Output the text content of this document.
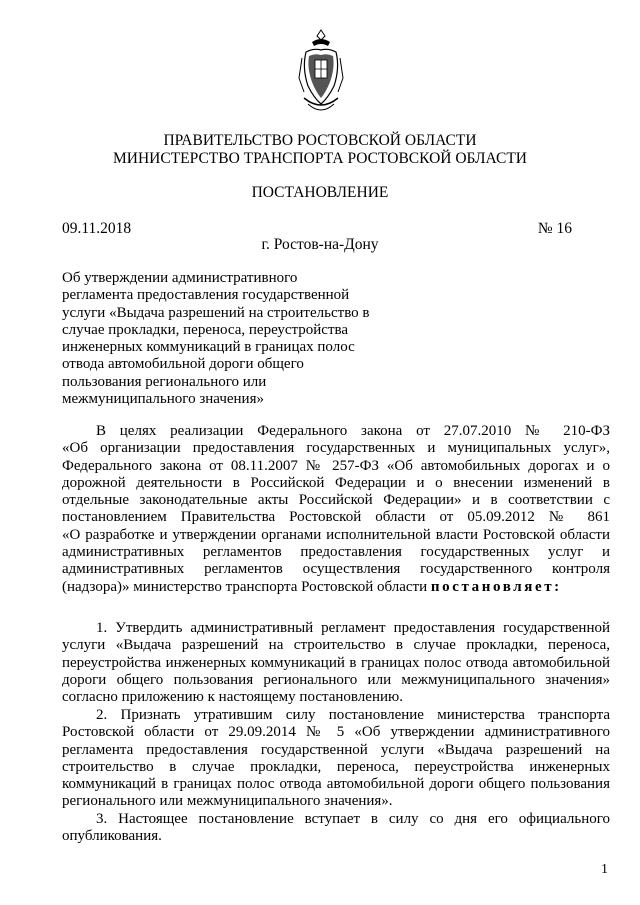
ПРАВИТЕЛЬСТВО РОСТОВСКОЙ ОБЛАСТИ
МИНИСТЕРСТВО ТРАНСПОРТА РОСТОВСКОЙ ОБЛАСТИ
ПОСТАНОВЛЕНИЕ
09.11.2018	№ 16
г. Ростов-на-Дону
Об утверждении административного
регламента предоставления государственной
услуги «Выдача разрешений на строительство в
случае прокладки, переноса, переустройства
инженерных коммуникаций в границах полос
отвода автомобильной дороги общего
пользования регионального или
межмуниципального значения»
В целях реализации Федерального закона от 27.07.2010 № 210-ФЗ
«Об организации предоставления государственных и муниципальных услуг»,
Федерального закона от 08.11.2007 № 257-ФЗ «Об автомобильных дорогах и о
дорожной деятельности в Российской Федерации и о внесении изменений в
отдельные законодательные акты Российской Федерации» и в соответствии с
постановлением Правительства Ростовской области от 05.09.2012 № 861
«О разработке и утверждении органами исполнительной власти Ростовской области
административных регламентов предоставления государственных услуг и
административных регламентов осуществления государственного контроля
(надзора)» министерство транспорта Ростовской области постановляет:
1. Утвердить административный регламент предоставления государственной
услуги «Выдача разрешений на строительство в случае прокладки, переноса,
переустройства инженерных коммуникаций в границах полос отвода автомобильной
дороги общего пользования регионального или межмуниципального значения»
согласно приложению к настоящему постановлению.
2. Признать утратившим силу постановление министерства транспорта
Ростовской области от 29.09.2014 № 5 «Об утверждении административного
регламента предоставления государственной услуги «Выдача разрешений на
строительство в случае прокладки, переноса, переустройства инженерных
коммуникаций в границах полос отвода автомобильной дороги общего пользования
регионального или межмуниципального значения».
3. Настоящее постановление вступает в силу со дня его официального
опубликования.
1
